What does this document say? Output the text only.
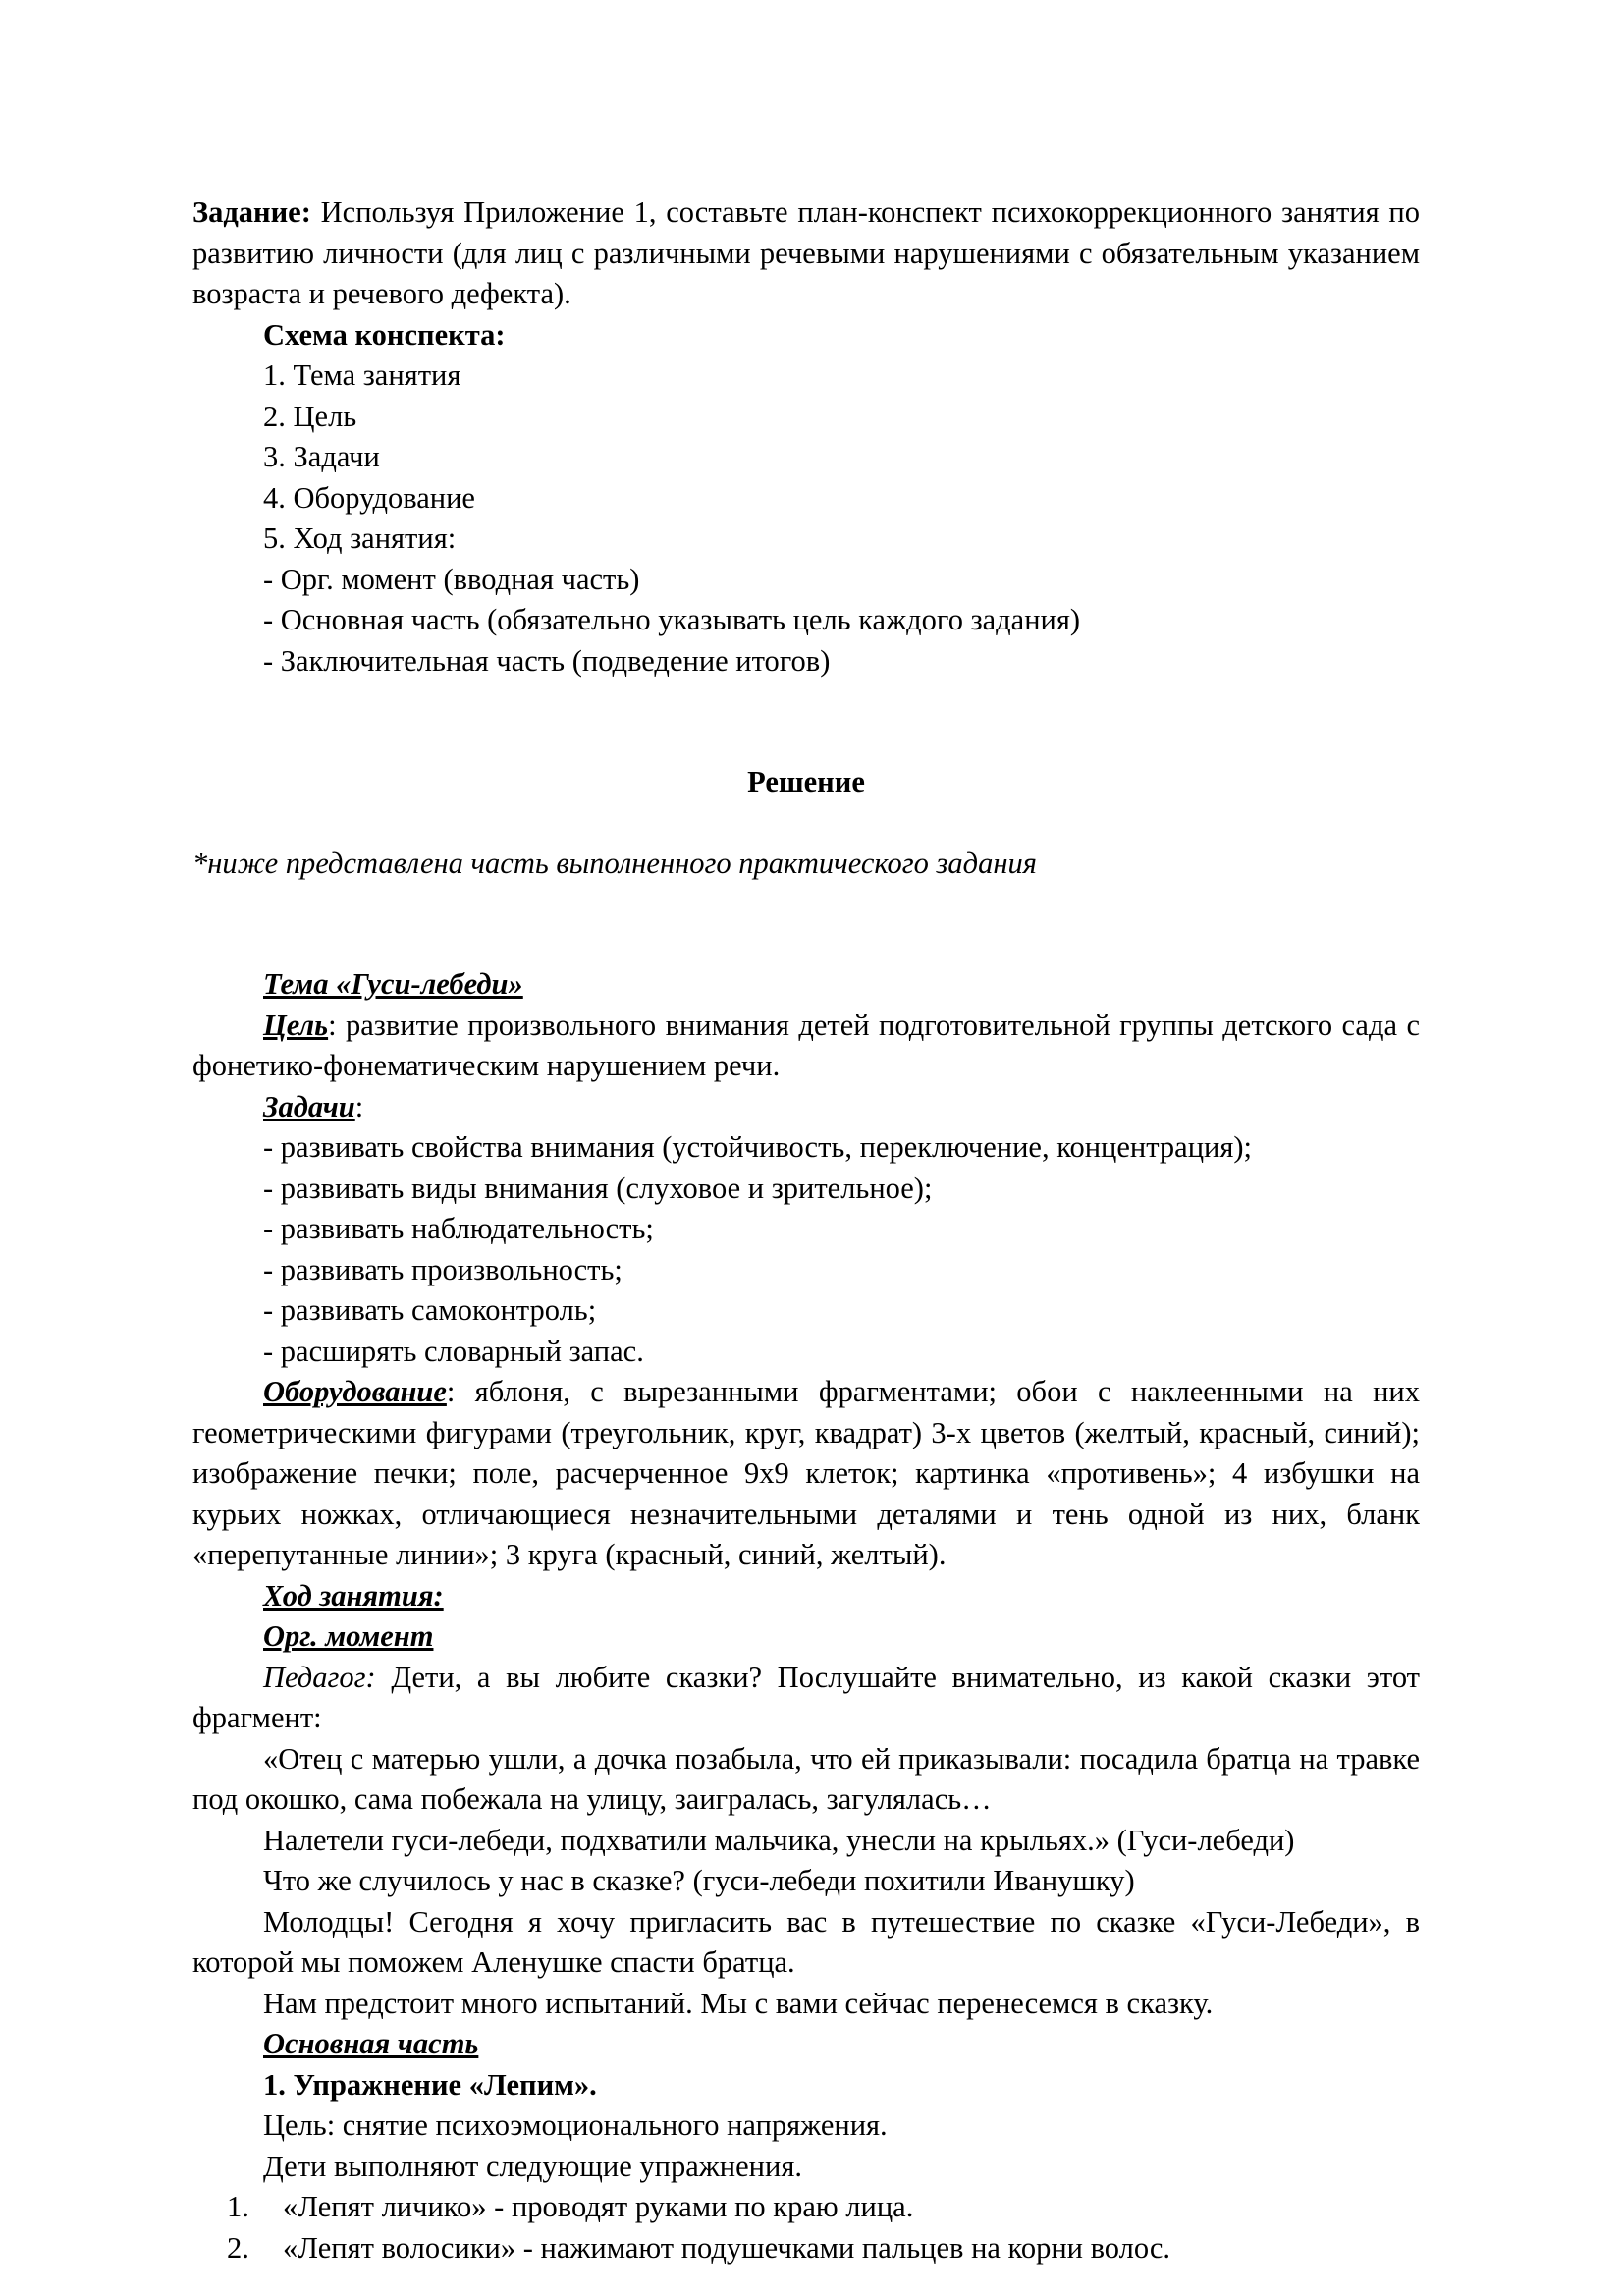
Задание: Используя Приложение 1, составьте план-конспект психокоррекционного занятия по развитию личности (для лиц с различными речевыми нарушениями с обязательным указанием возраста и речевого дефекта).

Схема конспекта:

1. Тема занятия

2. Цель

3. Задачи

4. Оборудование

5. Ход занятия:

- Орг. момент (вводная часть)

- Основная часть (обязательно указывать цель каждого задания)

- Заключительная часть (подведение итогов)

Решение

*ниже представлена часть выполненного практического задания

Тема «Гуси-лебеди»

Цель: развитие произвольного внимания детей подготовительной группы детского сада с фонетико-фонематическим нарушением речи.

Задачи:

- развивать свойства внимания (устойчивость, переключение, концентрация);

- развивать виды внимания (слуховое и зрительное);

- развивать наблюдательность;

- развивать произвольность;

- развивать самоконтроль;

- расширять словарный запас.

Оборудование: яблоня, с вырезанными фрагментами; обои с наклеенными на них геометрическими фигурами (треугольник, круг, квадрат) 3-х цветов (желтый, красный, синий); изображение печки; поле, расчерченное 9х9 клеток; картинка «противень»; 4 избушки на курьих ножках, отличающиеся незначительными деталями и тень одной из них, бланк «перепутанные линии»; 3 круга (красный, синий, желтый).

Ход занятия:

Орг. момент

Педагог: Дети, а вы любите сказки? Послушайте внимательно, из какой сказки этот фрагмент:

«Отец с матерью ушли, а дочка позабыла, что ей приказывали: посадила братца на травке под окошко, сама побежала на улицу, заигралась, загулялась…

Налетели гуси-лебеди, подхватили мальчика, унесли на крыльях.» (Гуси-лебеди)

Что же случилось у нас в сказке? (гуси-лебеди похитили Иванушку)

Молодцы! Сегодня я хочу пригласить вас в путешествие по сказке «Гуси-Лебеди», в которой мы поможем Аленушке спасти братца.

Нам предстоит много испытаний. Мы с вами сейчас перенесемся в сказку.

Основная часть

1. Упражнение «Лепим».

Цель: снятие психоэмоционального напряжения.

Дети выполняют следующие упражнения.

1.	«Лепят личико» - проводят руками по краю лица.
2.	«Лепят волосики» - нажимают подушечками пальцев на корни волос.
